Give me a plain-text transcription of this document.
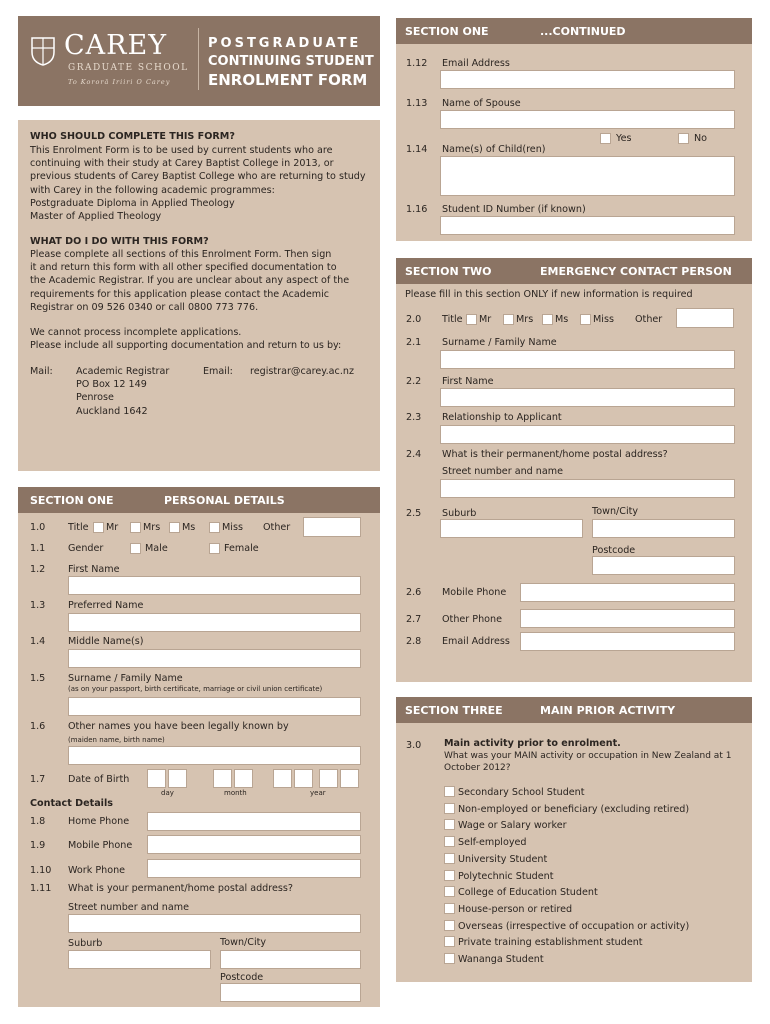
CAREY
GRADUATE SCHOOL
To Kororā Iriiri O Carey
POSTGRADUATE
CONTINUING STUDENT
ENROLMENT FORM
WHO SHOULD COMPLETE THIS FORM?
This Enrolment Form is to be used by current students who are
continuing with their study at Carey Baptist College in 2013, or
previous students of Carey Baptist College who are returning to study
with Carey in the following academic programmes:
Postgraduate Diploma in Applied Theology
Master of Applied Theology
WHAT DO I DO WITH THIS FORM?
Please complete all sections of this Enrolment Form. Then sign
it and return this form with all other specified documentation to
the Academic Registrar. If you are unclear about any aspect of the
requirements for this application please contact the Academic
Registrar on 09 526 0340 or call 0800 773 776.
We cannot process incomplete applications.
Please include all supporting documentation and return to us by:
Mail: Academic Registrar
PO Box 12 149
Penrose
Auckland 1642
Email: registrar@carey.ac.nz
SECTION ONE	PERSONAL DETAILS
1.0 Title Mr	Mrs Ms	Miss Other
1.1 Gender	Male	Female
1.2 First Name
1.3 Preferred Name
1.4 Middle Name(s)
1.5 Surname / Family Name
(as on your passport, birth certificate, marriage or civil union certificate)
1.6 Other names you have been legally known by
(maiden name, birth name)
1.7 Date of Birth
day	month	year
Contact Details
1.8 Home Phone
1.9 Mobile Phone
1.10 Work Phone
1.11 What is your permanent/home postal address?
Street number and name
Suburb	Town/City
Postcode
SECTION ONE	...CONTINUED
1.12 Email Address
1.13 Name of Spouse
Yes	No
1.14 Name(s) of Child(ren)
1.16 Student ID Number (if known)
SECTION TWO	EMERGENCY CONTACT PERSON
Please fill in this section ONLY if new information is required
2.0 Title Mr	Mrs Ms	Miss Other
2.1 Surname / Family Name
2.2 First Name
2.3 Relationship to Applicant
2.4 What is their permanent/home postal address?
Street number and name
2.5 Suburb	Town/City
Postcode
2.6 Mobile Phone
2.7 Other Phone
2.8 Email Address
SECTION THREE	MAIN PRIOR ACTIVITY
3.0 Main activity prior to enrolment.
What was your MAIN activity or occupation in New Zealand at 1
October 2012?
Secondary School Student
Non-employed or beneficiary (excluding retired)
Wage or Salary worker
Self-employed
University Student
Polytechnic Student
College of Education Student
House-person or retired
Overseas (irrespective of occupation or activity)
Private training establishment student
Wananga Student
